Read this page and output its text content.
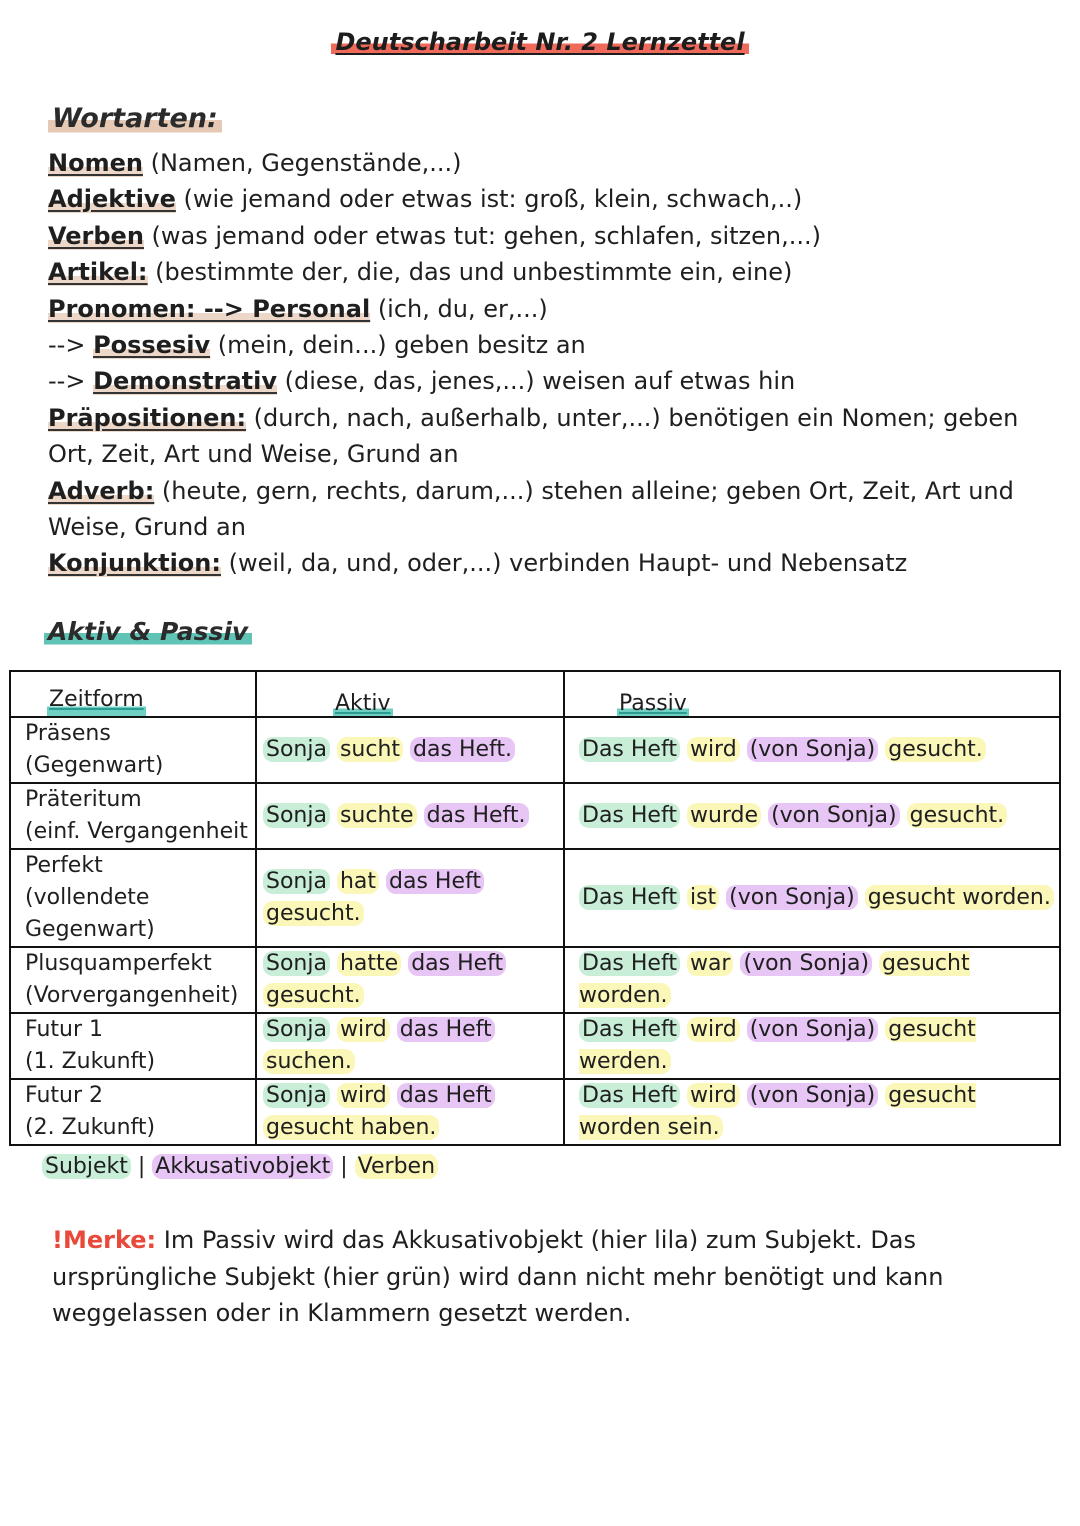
Deutscharbeit Nr. 2 Lernzettel
Wortarten:
Nomen (Namen, Gegenstände,...)
Adjektive (wie jemand oder etwas ist: groß, klein, schwach,..)
Verben (was jemand oder etwas tut: gehen, schlafen, sitzen,...)
Artikel: (bestimmte der, die, das und unbestimmte ein, eine)
Pronomen: --> Personal (ich, du, er,...)
--> Possesiv (mein, dein...) geben besitz an
--> Demonstrativ (diese, das, jenes,...) weisen auf etwas hin
Präpositionen: (durch, nach, außerhalb, unter,...) benötigen ein Nomen; geben
Ort, Zeit, Art und Weise, Grund an
Adverb: (heute, gern, rechts, darum,...) stehen alleine; geben Ort, Zeit, Art und
Weise, Grund an
Konjunktion: (weil, da, und, oder,...) verbinden Haupt- und Nebensatz
Aktiv & Passiv
Zeitform	Aktiv	Passiv

Präsens
(Gegenwart)	Sonja sucht das Heft.	Das Heft wird (von Sonja) gesucht.

Präteritum
(einf. Vergangenheit	Sonja suchte das Heft.	Das Heft wurde (von Sonja) gesucht.

Perfekt
(vollendete
Gegenwart)	Sonja hat das Heft gesucht.	Das Heft ist (von Sonja) gesucht worden.

Plusquamperfekt
(Vorvergangenheit)	Sonja hatte das Heft gesucht.	Das Heft war (von Sonja) gesucht worden.

Futur 1
(1. Zukunft)	Sonja wird das Heft suchen.	Das Heft wird (von Sonja) gesucht werden.

Futur 2
(2. Zukunft)	Sonja wird das Heft gesucht haben.	Das Heft wird (von Sonja) gesucht worden sein.
Subjekt | Akkusativobjekt | Verben
!Merke: Im Passiv wird das Akkusativobjekt (hier lila) zum Subjekt. Das ursprüngliche Subjekt (hier grün) wird dann nicht mehr benötigt und kann weggelassen oder in Klammern gesetzt werden.
